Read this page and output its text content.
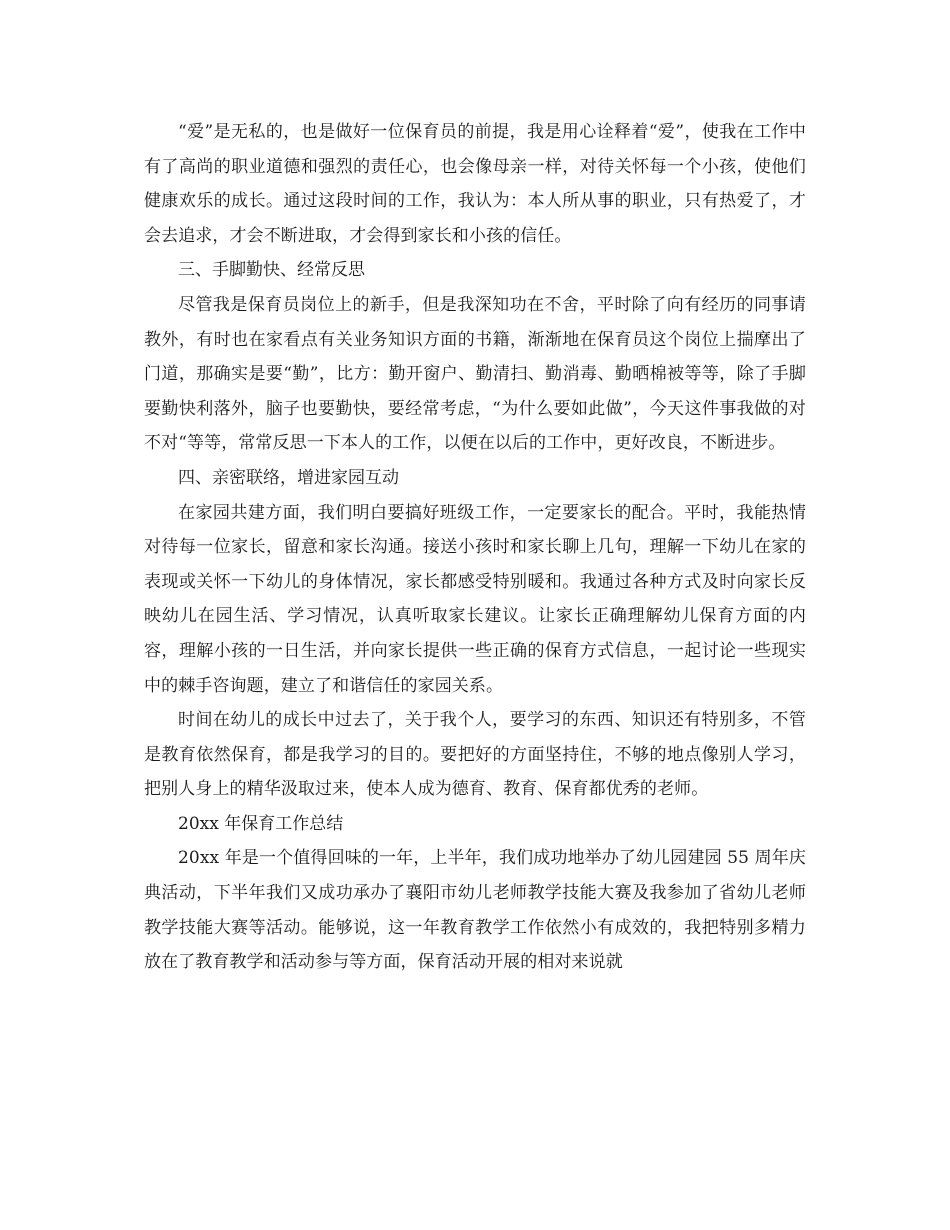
“爱”是无私的，也是做好一位保育员的前提，我是用心诠释着“爱”，使我在工作中有了高尚的职业道德和强烈的责任心，也会像母亲一样，对待关怀每一个小孩，使他们健康欢乐的成长。通过这段时间的工作，我认为：本人所从事的职业，只有热爱了，才会去追求，才会不断进取，才会得到家长和小孩的信任。

三、手脚勤快、经常反思

尽管我是保育员岗位上的新手，但是我深知功在不舍，平时除了向有经历的同事请教外，有时也在家看点有关业务知识方面的书籍，渐渐地在保育员这个岗位上揣摩出了门道，那确实是要“勤”，比方：勤开窗户、勤清扫、勤消毒、勤晒棉被等等，除了手脚要勤快利落外，脑子也要勤快，要经常考虑，“为什么要如此做”，今天这件事我做的对不对“等等，常常反思一下本人的工作，以便在以后的工作中，更好改良，不断进步。

四、亲密联络，增进家园互动

在家园共建方面，我们明白要搞好班级工作，一定要家长的配合。平时，我能热情对待每一位家长，留意和家长沟通。接送小孩时和家长聊上几句，理解一下幼儿在家的表现或关怀一下幼儿的身体情况，家长都感受特别暖和。我通过各种方式及时向家长反映幼儿在园生活、学习情况，认真听取家长建议。让家长正确理解幼儿保育方面的内容，理解小孩的一日生活，并向家长提供一些正确的保育方式信息，一起讨论一些现实中的棘手咨询题，建立了和谐信任的家园关系。

时间在幼儿的成长中过去了，关于我个人，要学习的东西、知识还有特别多，不管是教育依然保育，都是我学习的目的。要把好的方面坚持住，不够的地点像别人学习，把别人身上的精华汲取过来，使本人成为德育、教育、保育都优秀的老师。

20xx 年保育工作总结

20xx 年是一个值得回味的一年，上半年，我们成功地举办了幼儿园建园 55 周年庆典活动，下半年我们又成功承办了襄阳市幼儿老师教学技能大赛及我参加了省幼儿老师教学技能大赛等活动。能够说，这一年教育教学工作依然小有成效的，我把特别多精力放在了教育教学和活动参与等方面，保育活动开展的相对来说就
